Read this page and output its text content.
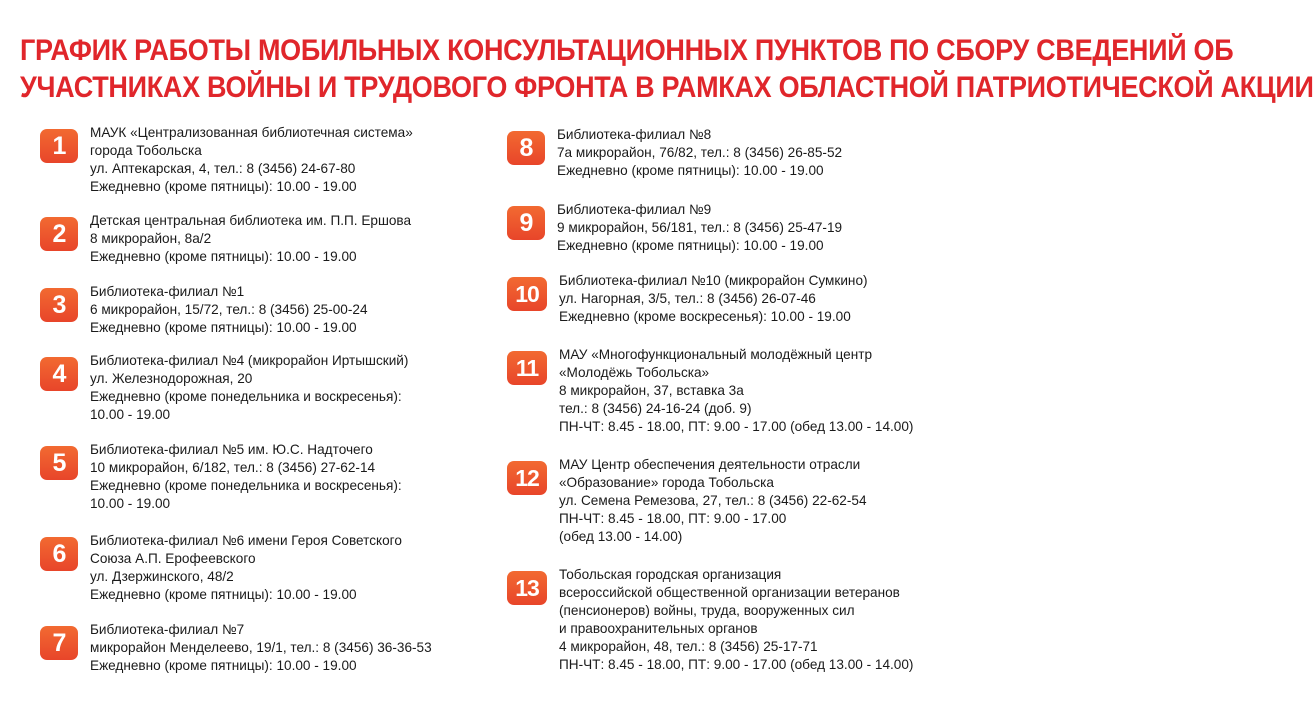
ГРАФИК РАБОТЫ МОБИЛЬНЫХ КОНСУЛЬТАЦИОННЫХ ПУНКТОВ ПО СБОРУ СВЕДЕНИЙ ОБ
УЧАСТНИКАХ ВОЙНЫ И ТРУДОВОГО ФРОНТА В РАМКАХ ОБЛАСТНОЙ ПАТРИОТИЧЕСКОЙ АКЦИИ
1	МАУК «Централизованная библиотечная система»
города Тобольска
ул. Аптекарская, 4, тел.: 8 (3456) 24-67-80
Ежедневно (кроме пятницы): 10.00 - 19.00
2	Детская центральная библиотека им. П.П. Ершова
8 микрорайон, 8а/2
Ежедневно (кроме пятницы): 10.00 - 19.00
3	Библиотека-филиал №1
6 микрорайон, 15/72, тел.: 8 (3456) 25-00-24
Ежедневно (кроме пятницы): 10.00 - 19.00
4	Библиотека-филиал №4 (микрорайон Иртышский)
ул. Железнодорожная, 20
Ежедневно (кроме понедельника и воскресенья):
10.00 - 19.00
5	Библиотека-филиал №5 им. Ю.С. Надточего
10 микрорайон, 6/182, тел.: 8 (3456) 27-62-14
Ежедневно (кроме понедельника и воскресенья):
10.00 - 19.00
6	Библиотека-филиал №6 имени Героя Советского
Союза А.П. Ерофеевского
ул. Дзержинского, 48/2
Ежедневно (кроме пятницы): 10.00 - 19.00
7	Библиотека-филиал №7
микрорайон Менделеево, 19/1, тел.: 8 (3456) 36-36-53
Ежедневно (кроме пятницы): 10.00 - 19.00
8	Библиотека-филиал №8
7а микрорайон, 76/82, тел.: 8 (3456) 26-85-52
Ежедневно (кроме пятницы): 10.00 - 19.00
9	Библиотека-филиал №9
9 микрорайон, 56/181, тел.: 8 (3456) 25-47-19
Ежедневно (кроме пятницы): 10.00 - 19.00
10
Библиотека-филиал №10 (микрорайон Сумкино)
ул. Нагорная, 3/5, тел.: 8 (3456) 26-07-46
Ежедневно (кроме воскресенья): 10.00 - 19.00
11
МАУ «Многофункциональный молодёжный центр
«Молодёжь Тобольска»
8 микрорайон, 37, вставка 3а
тел.: 8 (3456) 24-16-24 (доб. 9)
ПН-ЧТ: 8.45 - 18.00, ПТ: 9.00 - 17.00 (обед 13.00 - 14.00)
12
МАУ Центр обеспечения деятельности отрасли
«Образование» города Тобольска
ул. Семена Ремезова, 27, тел.: 8 (3456) 22-62-54
ПН-ЧТ: 8.45 - 18.00, ПТ: 9.00 - 17.00
(обед 13.00 - 14.00)
13
Тобольская городская организация
всероссийской общественной организации ветеранов
(пенсионеров) войны, труда, вооруженных сил
и правоохранительных органов
4 микрорайон, 48, тел.: 8 (3456) 25-17-71
ПН-ЧТ: 8.45 - 18.00, ПТ: 9.00 - 17.00 (обед 13.00 - 14.00)
